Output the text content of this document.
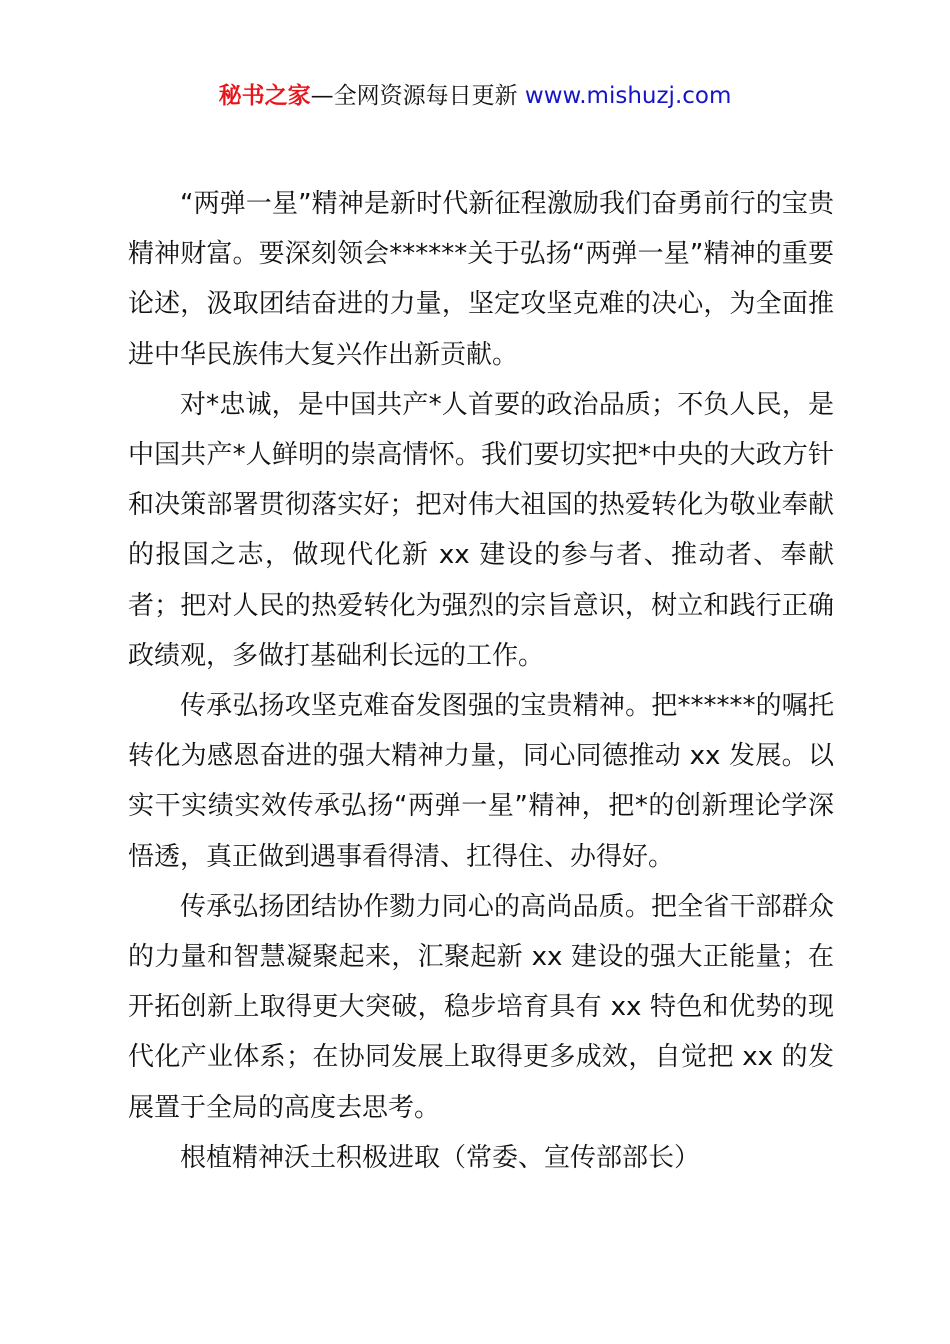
秘书之家—全网资源每日更新 www.mishuzj.com

“两弹一星”精神是新时代新征程激励我们奋勇前行的宝贵精神财富。要深刻领会******关于弘扬“两弹一星”精神的重要论述，汲取团结奋进的力量，坚定攻坚克难的决心，为全面推进中华民族伟大复兴作出新贡献。

对*忠诚，是中国共产*人首要的政治品质；不负人民，是中国共产*人鲜明的崇高情怀。我们要切实把*中央的大政方针和决策部署贯彻落实好；把对伟大祖国的热爱转化为敬业奉献的报国之志，做现代化新 xx 建设的参与者、推动者、奉献者；把对人民的热爱转化为强烈的宗旨意识，树立和践行正确政绩观，多做打基础利长远的工作。

传承弘扬攻坚克难奋发图强的宝贵精神。把******的嘱托转化为感恩奋进的强大精神力量，同心同德推动 xx 发展。以实干实绩实效传承弘扬“两弹一星”精神，把*的创新理论学深悟透，真正做到遇事看得清、扛得住、办得好。

传承弘扬团结协作勠力同心的高尚品质。把全省干部群众的力量和智慧凝聚起来，汇聚起新 xx 建设的强大正能量；在开拓创新上取得更大突破，稳步培育具有 xx 特色和优势的现代化产业体系；在协同发展上取得更多成效，自觉把 xx 的发展置于全局的高度去思考。

根植精神沃土积极进取（常委、宣传部部长）
